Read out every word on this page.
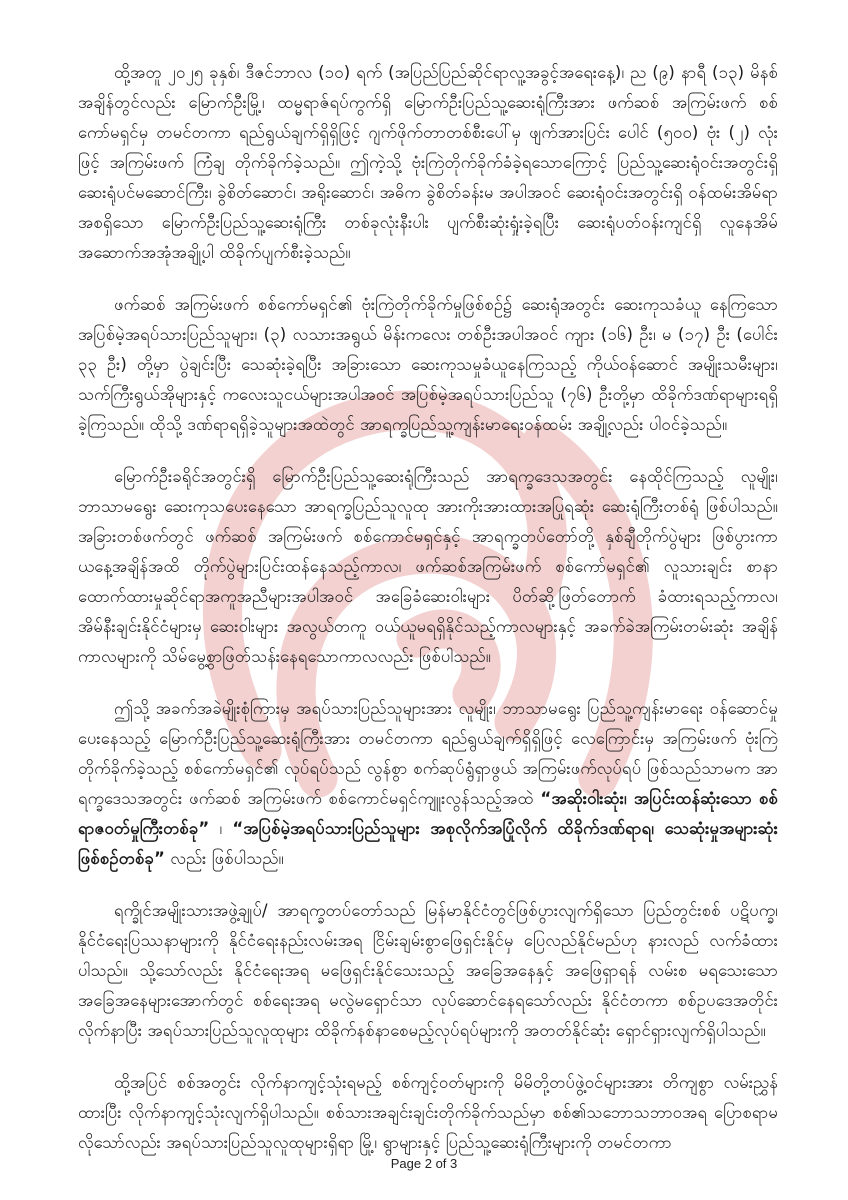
ထို့အတူ ၂၀၂၅ ခုနှစ်၊ ဒီဇင်ဘာလ (၁၀) ရက် (အပြည်ပြည်ဆိုင်ရာလူ့အခွင့်အရေးနေ့)၊ ည (၉) နာရီ (၁၃) မိနစ် အချိန်တွင်လည်း မြောက်ဦးမြို့၊ ထမ္မရာဇ်ရပ်ကွက်ရှိ မြောက်ဦးပြည်သူ့ဆေးရုံကြီးအား ဖက်ဆစ် အကြမ်းဖက် စစ်ကော်မရှင်မှ တမင်တကာ ရည်ရွယ်ချက်ရှိရှိဖြင့် ဂျက်ဖိုက်တာတစ်စီးပေါ်မှ ဖျက်အားပြင်း ပေါင် (၅၀၀) ဗုံး (၂) လုံး ဖြင့် အကြမ်းဖက် ကြံချ တိုက်ခိုက်ခဲ့သည်။ ဤကဲ့သို့ ဗုံးကြဲတိုက်ခိုက်ခံခဲ့ရသောကြောင့် ပြည်သူ့ဆေးရုံဝင်းအတွင်းရှိ ဆေးရုံပင်မဆောင်ကြီး၊ ခွဲစိတ်ဆောင်၊ အရိုးဆောင်၊ အဓိက ခွဲစိတ်ခန်းမ အပါအဝင် ဆေးရုံဝင်းအတွင်းရှိ ဝန်ထမ်းအိမ်ရာ အစရှိသော မြောက်ဦးပြည်သူ့ဆေးရုံကြီး တစ်ခုလုံးနီးပါး ပျက်စီးဆုံးရှုံးခဲ့ရပြီး ဆေးရုံပတ်ဝန်းကျင်ရှိ လူနေအိမ် အဆောက်အအုံအချို့ပါ ထိခိုက်ပျက်စီးခဲ့သည်။

ဖက်ဆစ် အကြမ်းဖက် စစ်ကော်မရှင်၏ ဗုံးကြဲတိုက်ခိုက်မှုဖြစ်စဉ်၌ ဆေးရုံအတွင်း ဆေးကုသခံယူ နေကြသော အပြစ်မဲ့အရပ်သားပြည်သူများ၊ (၃) လသားအရွယ် မိန်းကလေး တစ်ဦးအပါအဝင် ကျား (၁၆) ဦး၊ မ (၁၇) ဦး (ပေါင်း ၃၃ ဦး) တို့မှာ ပွဲချင်းပြီး သေဆုံးခဲ့ရပြီး အခြားသော ဆေးကုသမှုခံယူနေကြသည့် ကိုယ်ဝန်ဆောင် အမျိုးသမီးများ၊ သက်ကြီးရွယ်အိုများနှင့် ကလေးသူငယ်များအပါအဝင် အပြစ်မဲ့အရပ်သားပြည်သူ (၇၆) ဦးတို့မှာ ထိခိုက်ဒဏ်ရာများရရှိခဲ့ကြသည်။ ထိုသို့ ဒဏ်ရာရရှိခဲ့သူများအထဲတွင် အာရက္ခပြည်သူ့ကျန်းမာရေးဝန်ထမ်း အချို့လည်း ပါဝင်ခဲ့သည်။

မြောက်ဦးခရိုင်အတွင်းရှိ မြောက်ဦးပြည်သူ့ဆေးရုံကြီးသည် အာရက္ခဒေသအတွင်း နေထိုင်ကြသည့် လူမျိုး၊ ဘာသာမရွေး ဆေးကုသပေးနေသော အာရက္ခပြည်သူလူထု အားကိုးအားထားအပြုရဆုံး ဆေးရုံကြီးတစ်ရုံ ဖြစ်ပါသည်။ အခြားတစ်ဖက်တွင် ဖက်ဆစ် အကြမ်းဖက် စစ်ကောင်မရှင်နှင့် အာရက္ခတပ်တော်တို့ နှစ်ချီတိုက်ပွဲများ ဖြစ်ပွားကာ ယနေ့အချိန်အထိ တိုက်ပွဲများပြင်းထန်နေသည့်ကာလ၊ ဖက်ဆစ်အကြမ်းဖက် စစ်ကော်မရှင်၏ လူသားချင်း စာနာထောက်ထားမှုဆိုင်ရာအကူအညီများအပါအဝင် အခြေခံဆေးဝါးများ ပိတ်ဆို့ဖြတ်တောက် ခံထားရသည့်ကာလ၊ အိမ်နီးချင်းနိုင်ငံများမှ ဆေးဝါးများ အလွယ်တကူ ဝယ်ယူမရရှိနိုင်သည့်ကာလများနှင့် အခက်ခဲအကြမ်းတမ်းဆုံး အချိန်ကာလများကို သိမ်မွေ့စွာဖြတ်သန်းနေရသောကာလလည်း ဖြစ်ပါသည်။

ဤသို့ အခက်အခဲမျိုးစုံကြားမှ အရပ်သားပြည်သူများအား လူမျိုး၊ ဘာသာမရွေး ပြည်သူ့ကျန်းမာရေး ဝန်ဆောင်မှုပေးနေသည့် မြောက်ဦးပြည်သူ့ဆေးရုံကြီးအား တမင်တကာ ရည်ရွယ်ချက်ရှိရှိဖြင့် လေကြောင်းမှ အကြမ်းဖက် ဗုံးကြဲတိုက်ခိုက်ခဲ့သည့် စစ်ကော်မရှင်၏ လုပ်ရပ်သည် လွန်စွာ စက်ဆုပ်ရွံရှာဖွယ် အကြမ်းဖက်လုပ်ရပ် ဖြစ်သည်သာမက အာရက္ခဒေသအတွင်း ဖက်ဆစ် အကြမ်းဖက် စစ်ကောင်မရှင်ကျူးလွန်သည့်အထဲ “အဆိုးဝါးဆုံး၊ အပြင်းထန်ဆုံးသော စစ်ရာဇဝတ်မှုကြီးတစ်ခု” ၊ “အပြစ်မဲ့အရပ်သားပြည်သူများ အစုလိုက်အပြုံလိုက် ထိခိုက်ဒဏ်ရာရ၊ သေဆုံးမှုအများဆုံးဖြစ်စဉ်တစ်ခု” လည်း ဖြစ်ပါသည်။

ရက္ခိုင်အမျိုးသားအဖွဲ့ချုပ်/ အာရက္ခတပ်တော်သည် မြန်မာနိုင်ငံတွင်ဖြစ်ပွားလျက်ရှိသော ပြည်တွင်းစစ် ပဋိပက္ခ၊ နိုင်ငံရေးပြဿနာများကို နိုင်ငံရေးနည်းလမ်းအရ ငြိမ်းချမ်းစွာဖြေရှင်းနိုင်မှ ပြေလည်နိုင်မည်ဟု နားလည် လက်ခံထားပါသည်။ သို့သော်လည်း နိုင်ငံရေးအရ မဖြေရှင်းနိုင်သေးသည့် အခြေအနေနှင့် အဖြေရှာရန် လမ်းစ မရသေးသော အခြေအနေများအောက်တွင် စစ်ရေးအရ မလွဲမရှောင်သာ လုပ်ဆောင်နေရသော်လည်း နိုင်ငံတကာ စစ်ဥပဒေအတိုင်း လိုက်နာပြီး အရပ်သားပြည်သူလူထုများ ထိခိုက်နစ်နာစေမည့်လုပ်ရပ်များကို အတတ်နိုင်ဆုံး ရှောင်ရှားလျက်ရှိပါသည်။

ထို့အပြင် စစ်အတွင်း လိုက်နာကျင့်သုံးရမည့် စစ်ကျင့်ဝတ်များကို မိမိတို့တပ်ဖွဲ့ဝင်များအား တိကျစွာ လမ်းညွှန်ထားပြီး လိုက်နာကျင့်သုံးလျက်ရှိပါသည်။ စစ်သားအချင်းချင်းတိုက်ခိုက်သည်မှာ စစ်၏သဘောသဘာဝအရ ပြောစရာမလိုသော်လည်း အရပ်သားပြည်သူလူထုများရှိရာ မြို့၊ ရွာများနှင့် ပြည်သူ့ဆေးရုံကြီးများကို တမင်တကာ

Page 2 of 3
